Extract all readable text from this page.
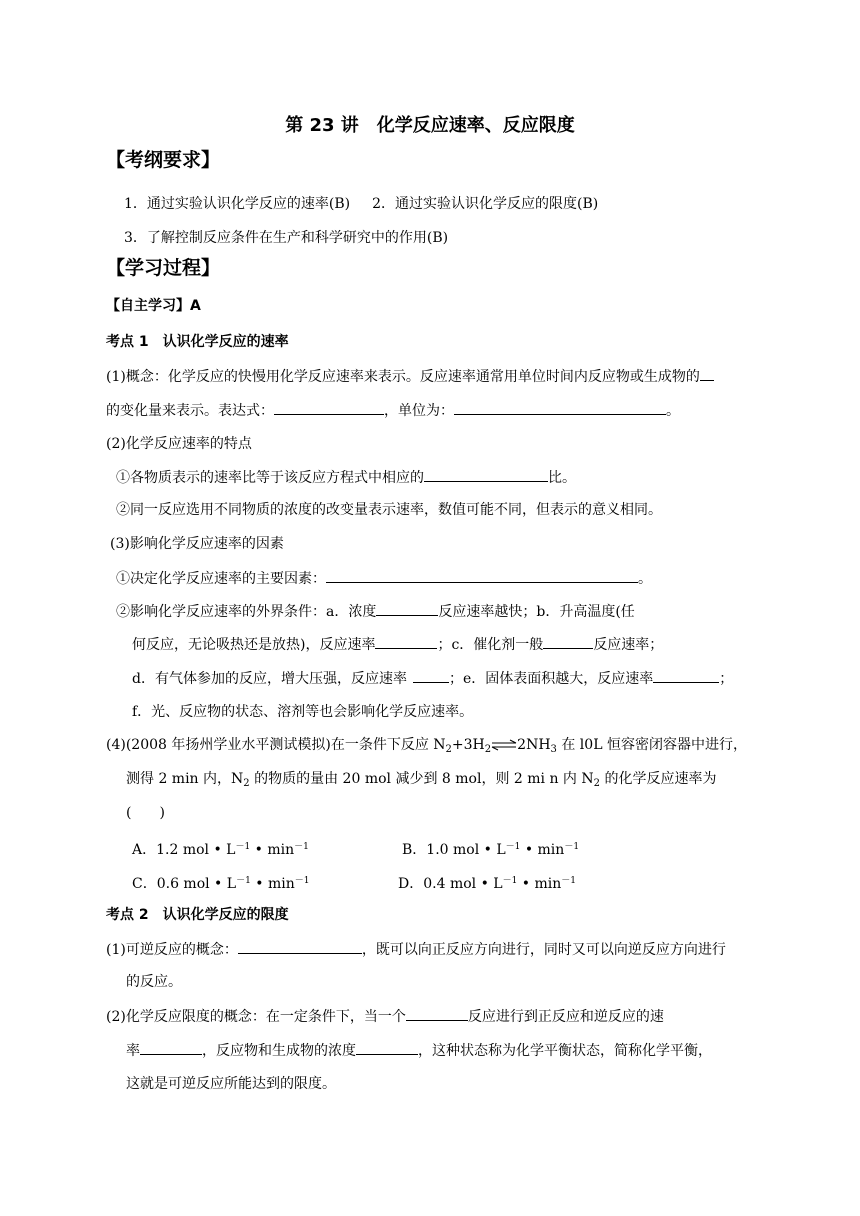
第 23 讲　化学反应速率、反应限度
【考纲要求】
1．通过实验认识化学反应的速率(B) 2．通过实验认识化学反应的限度(B)
3．了解控制反应条件在生产和科学研究中的作用(B)
【学习过程】
【自主学习】A
考点 1　认识化学反应的速率
(1)概念：化学反应的快慢用化学反应速率来表示。反应速率通常用单位时间内反应物或生成物的
的变化量来表示。表达式：	，单位为：	。
(2)化学反应速率的特点
①各物质表示的速率比等于该反应方程式中相应的	比。
②同一反应选用不同物质的浓度的改变量表示速率，数值可能不同，但表示的意义相同。
(3)影响化学反应速率的因素
①决定化学反应速率的主要因素：	。
②影响化学反应速率的外界条件：a．浓度	反应速率越快；b．升高温度(任
何反应，无论吸热还是放热)，反应速率	；c．催化剂一般	反应速率；
d．有气体参加的反应，增大压强，反应速率	；e．固体表面积越大，反应速率	；
f．光、反应物的状态、溶剂等也会影响化学反应速率。
(4)(2008 年扬州学业水平测试模拟)在一条件下反应 $N_2+3H_2\rightleftharpoons 2NH_3$ 在 l0L 恒容密闭容器中进行，
测得 2 min 内，$N_2$ 的物质的量由 20 mol 减少到 8 mol，则 2 mi n 内 $N_2$ 的化学反应速率为
(　　)
A．1.2 mol • $L^{-1}$ • $\min^{-1}$	B．1.0 mol • $L^{-1}$ • $\min^{-1}$
C．0.6 mol • $L^{-1}$ • $\min^{-1}$	D．0.4 mol • $L^{-1}$ • $\min^{-1}$
考点 2　认识化学反应的限度
(1)可逆反应的概念：	，既可以向正反应方向进行，同时又可以向逆反应方向进行
的反应。
(2)化学反应限度的概念：在一定条件下，当一个	反应进行到正反应和逆反应的速
率	，反应物和生成物的浓度	，这种状态称为化学平衡状态，简称化学平衡，
这就是可逆反应所能达到的限度。
